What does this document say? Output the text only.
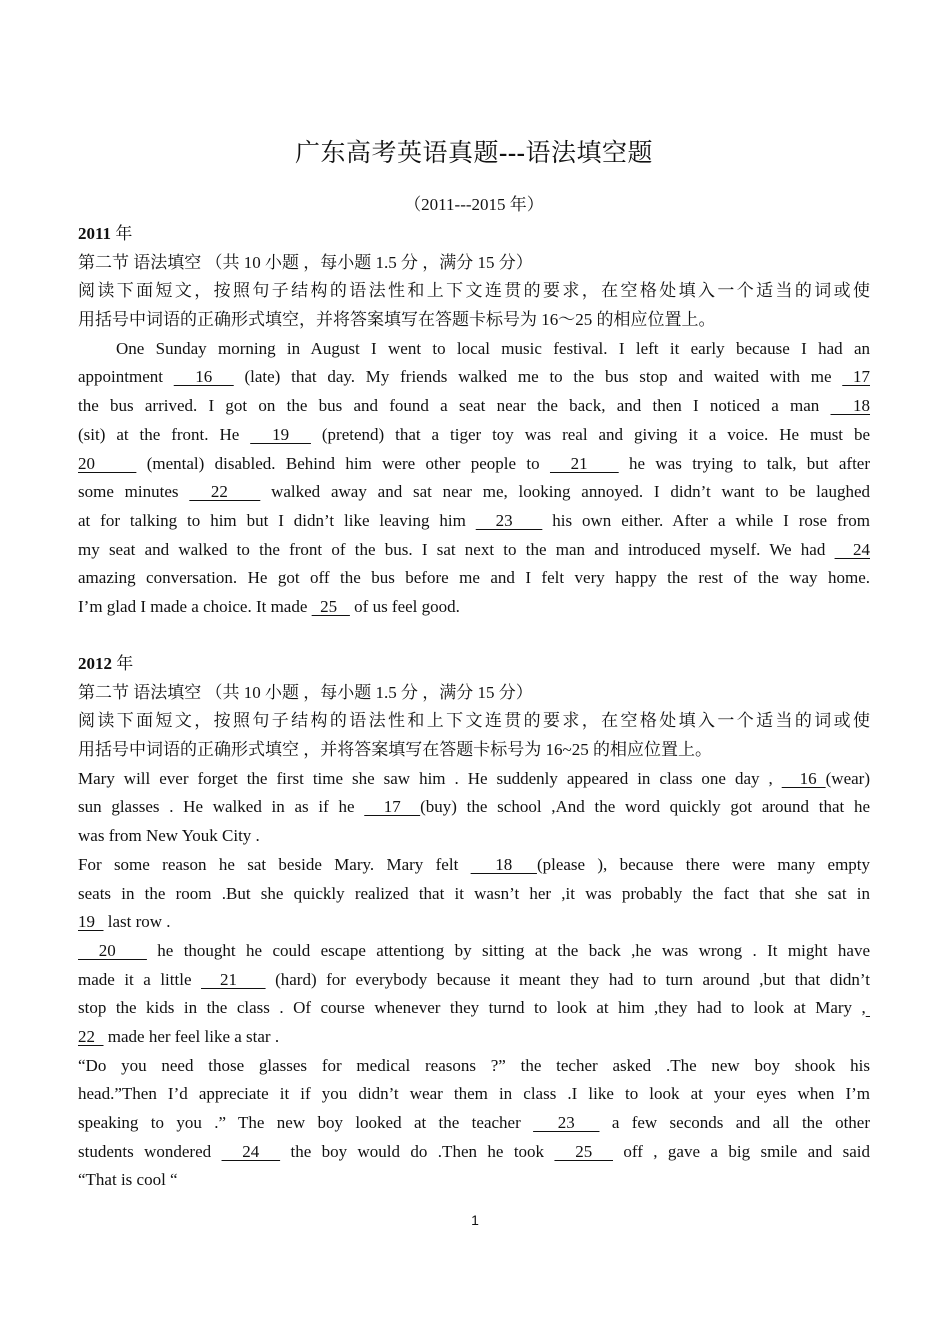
广东高考英语真题---语法填空题
（2011---2015 年）
2011 年
第二节 语法填空 （共 10 小题 ，每小题 1.5 分 ，满分 15 分）
阅读下面短文，按照句子结构的语法性和上下文连贯的要求，在空格处填入一个适当的词或使
用括号中词语的正确形式填空，并将答案填写在答题卡标号为 16～25 的相应位置上。
One Sunday morning in August I went to local music festival. I left it early because I had an
appointment   16   (late) that day. My friends walked me to the bus stop and waited with me  17
the bus arrived. I got on the bus and found a seat near the back, and then I noticed a man   18
(sit) at the front. He   19   (pretend) that a tiger toy was real and giving it a voice. He must be
20     (mental) disabled. Behind him were other people to   21    he was trying to talk, but after
some minutes   22    walked away and sat near me, looking annoyed. I didn’t want to be laughed
at for talking to him but I didn’t like leaving him   23    his own either. After a while I rose from
my seat and walked to the front of the bus. I sat next to the man and introduced myself. We had   24
amazing conversation. He got off the bus before me and I felt very happy the rest of the way home.
I’m glad I made a choice. It made   25    of us feel good.
2012 年
第二节 语法填空 （共 10 小题 ，每小题 1.5 分 ，满分 15 分）
阅读下面短文，按照句子结构的语法性和上下文连贯的要求，在空格处填入一个适当的词或使
用括号中词语的正确形式填空 ，并将答案填写在答题卡标号为 16~25 的相应位置上。
Mary will ever forget the first time she saw him . He suddenly appeared in class one day ,   16 (wear)
sun glasses . He walked in as if he   17  (buy) the school ,And the word quickly got around that he
was from New Youk City .
For some reason he sat beside Mary. Mary felt   18  (please ), because there were many empty
seats in the room .But she quickly realized that it wasn’t her ,it was probably the fact that she sat in
19   last row .
20    he thought he could escape attentiong by sitting at the back ,he was wrong . It might have
made it a little   21    (hard) for everybody because it meant they had to turn around ,but that didn’t
stop the kids in the class . Of course whenever they turnd to look at him ,they had to look at Mary ,
22   made her feel like a star .
“Do you need those glasses for medical reasons ?” the techer asked .The new boy shook his
head.”Then I’d appreciate it if you didn’t wear them in class .I like to look at your eyes when I’m
speaking to you .” The new boy looked at the teacher   23   a few seconds and all the other
students wondered   24   the boy would do .Then he took   25   off , gave a big smile and said
“That is cool “
1
